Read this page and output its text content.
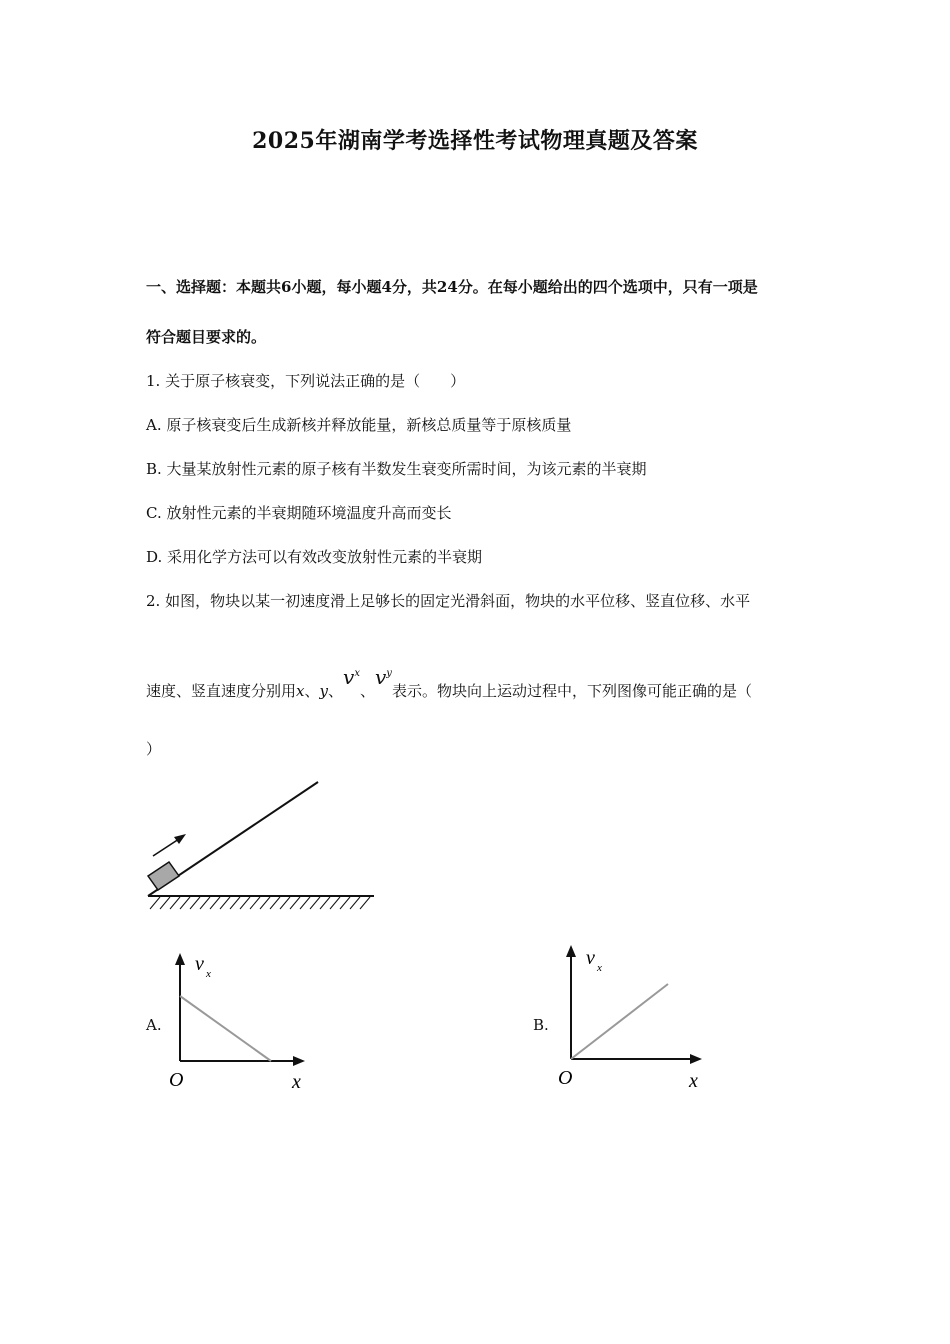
2025年湖南学考选择性考试物理真题及答案
一、选择题：本题共6小题，每小题4分，共24分。在每小题给出的四个选项中，只有一项是
符合题目要求的。
1. 关于原子核衰变，下列说法正确的是（　　）
A. 原子核衰变后生成新核并释放能量，新核总质量等于原核质量
B. 大量某放射性元素的原子核有半数发生衰变所需时间，为该元素的半衰期
C. 放射性元素的半衰期随环境温度升高而变长
D. 采用化学方法可以有效改变放射性元素的半衰期
2. 如图，物块以某一初速度滑上足够长的固定光滑斜面，物块的水平位移、竖直位移、水平
速度、竖直速度分别用x、y、$v^x$、$v^y$表示。物块向上运动过程中，下列图像可能正确的是（
）
A.
v x
O	x
B.
v x
O	x
